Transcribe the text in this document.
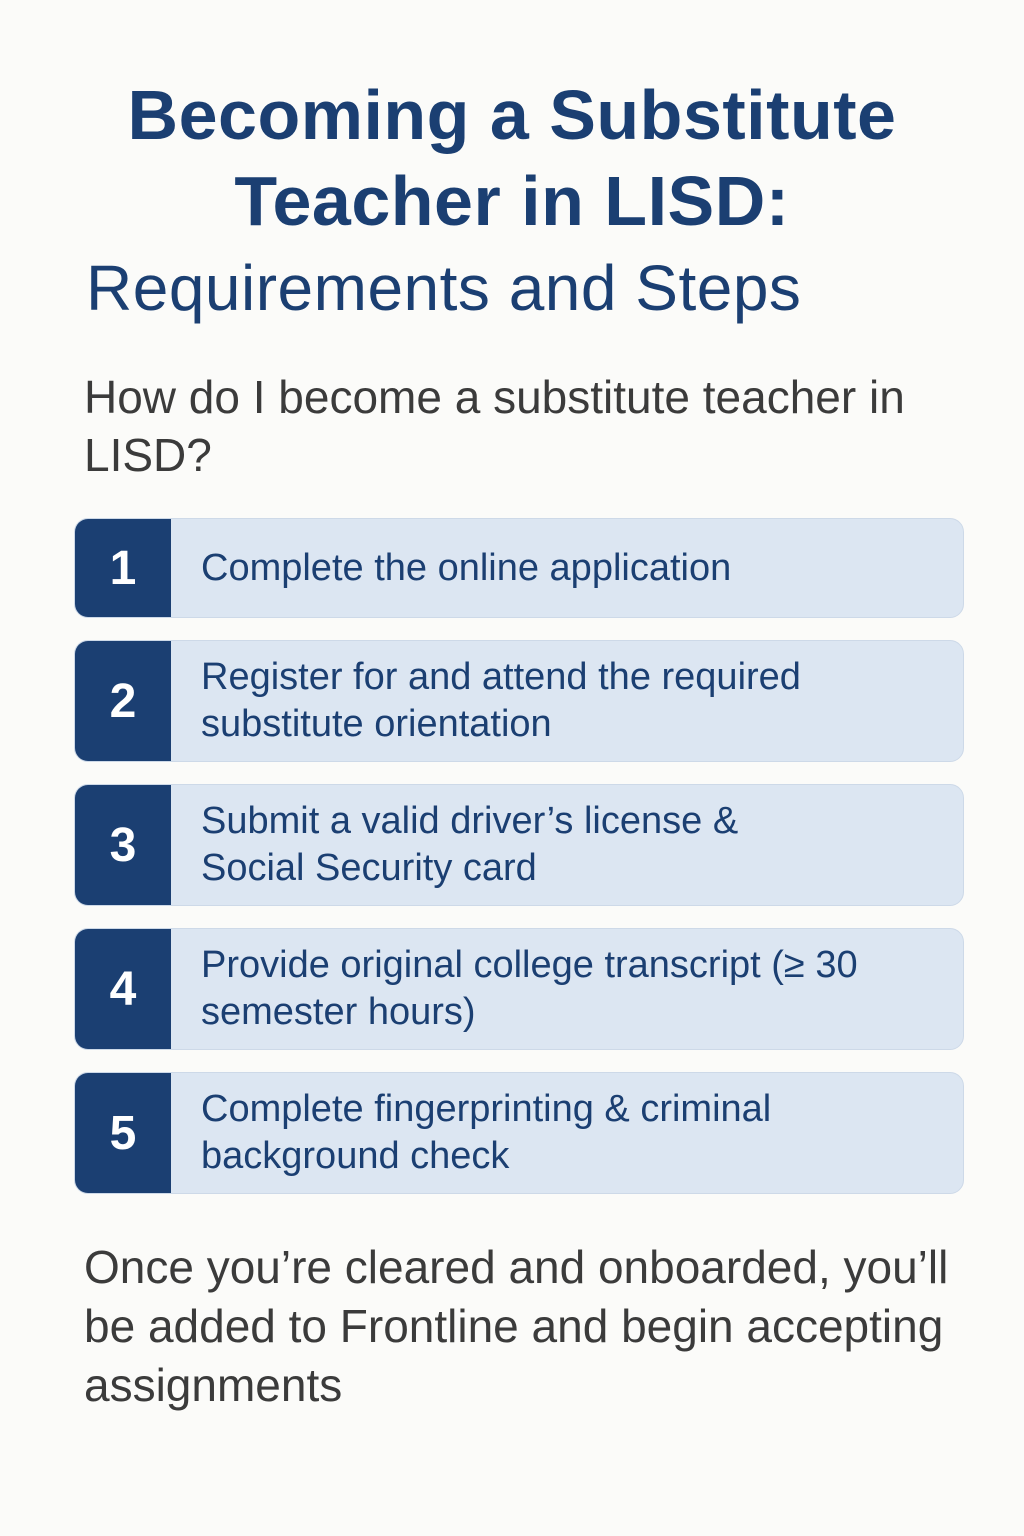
Becoming a Substitute
Teacher in LISD:
Requirements and Steps
How do I become a substitute teacher in LISD?
1	Complete the online application
2	Register for and attend the required substitute orientation
3	Submit a valid driver’s license & Social Security card
4	Provide original college transcript (≥ 30 semester hours)
5	Complete fingerprinting & criminal background check
Once you’re cleared and onboarded, you’ll be added to Frontline and begin accepting assignments
